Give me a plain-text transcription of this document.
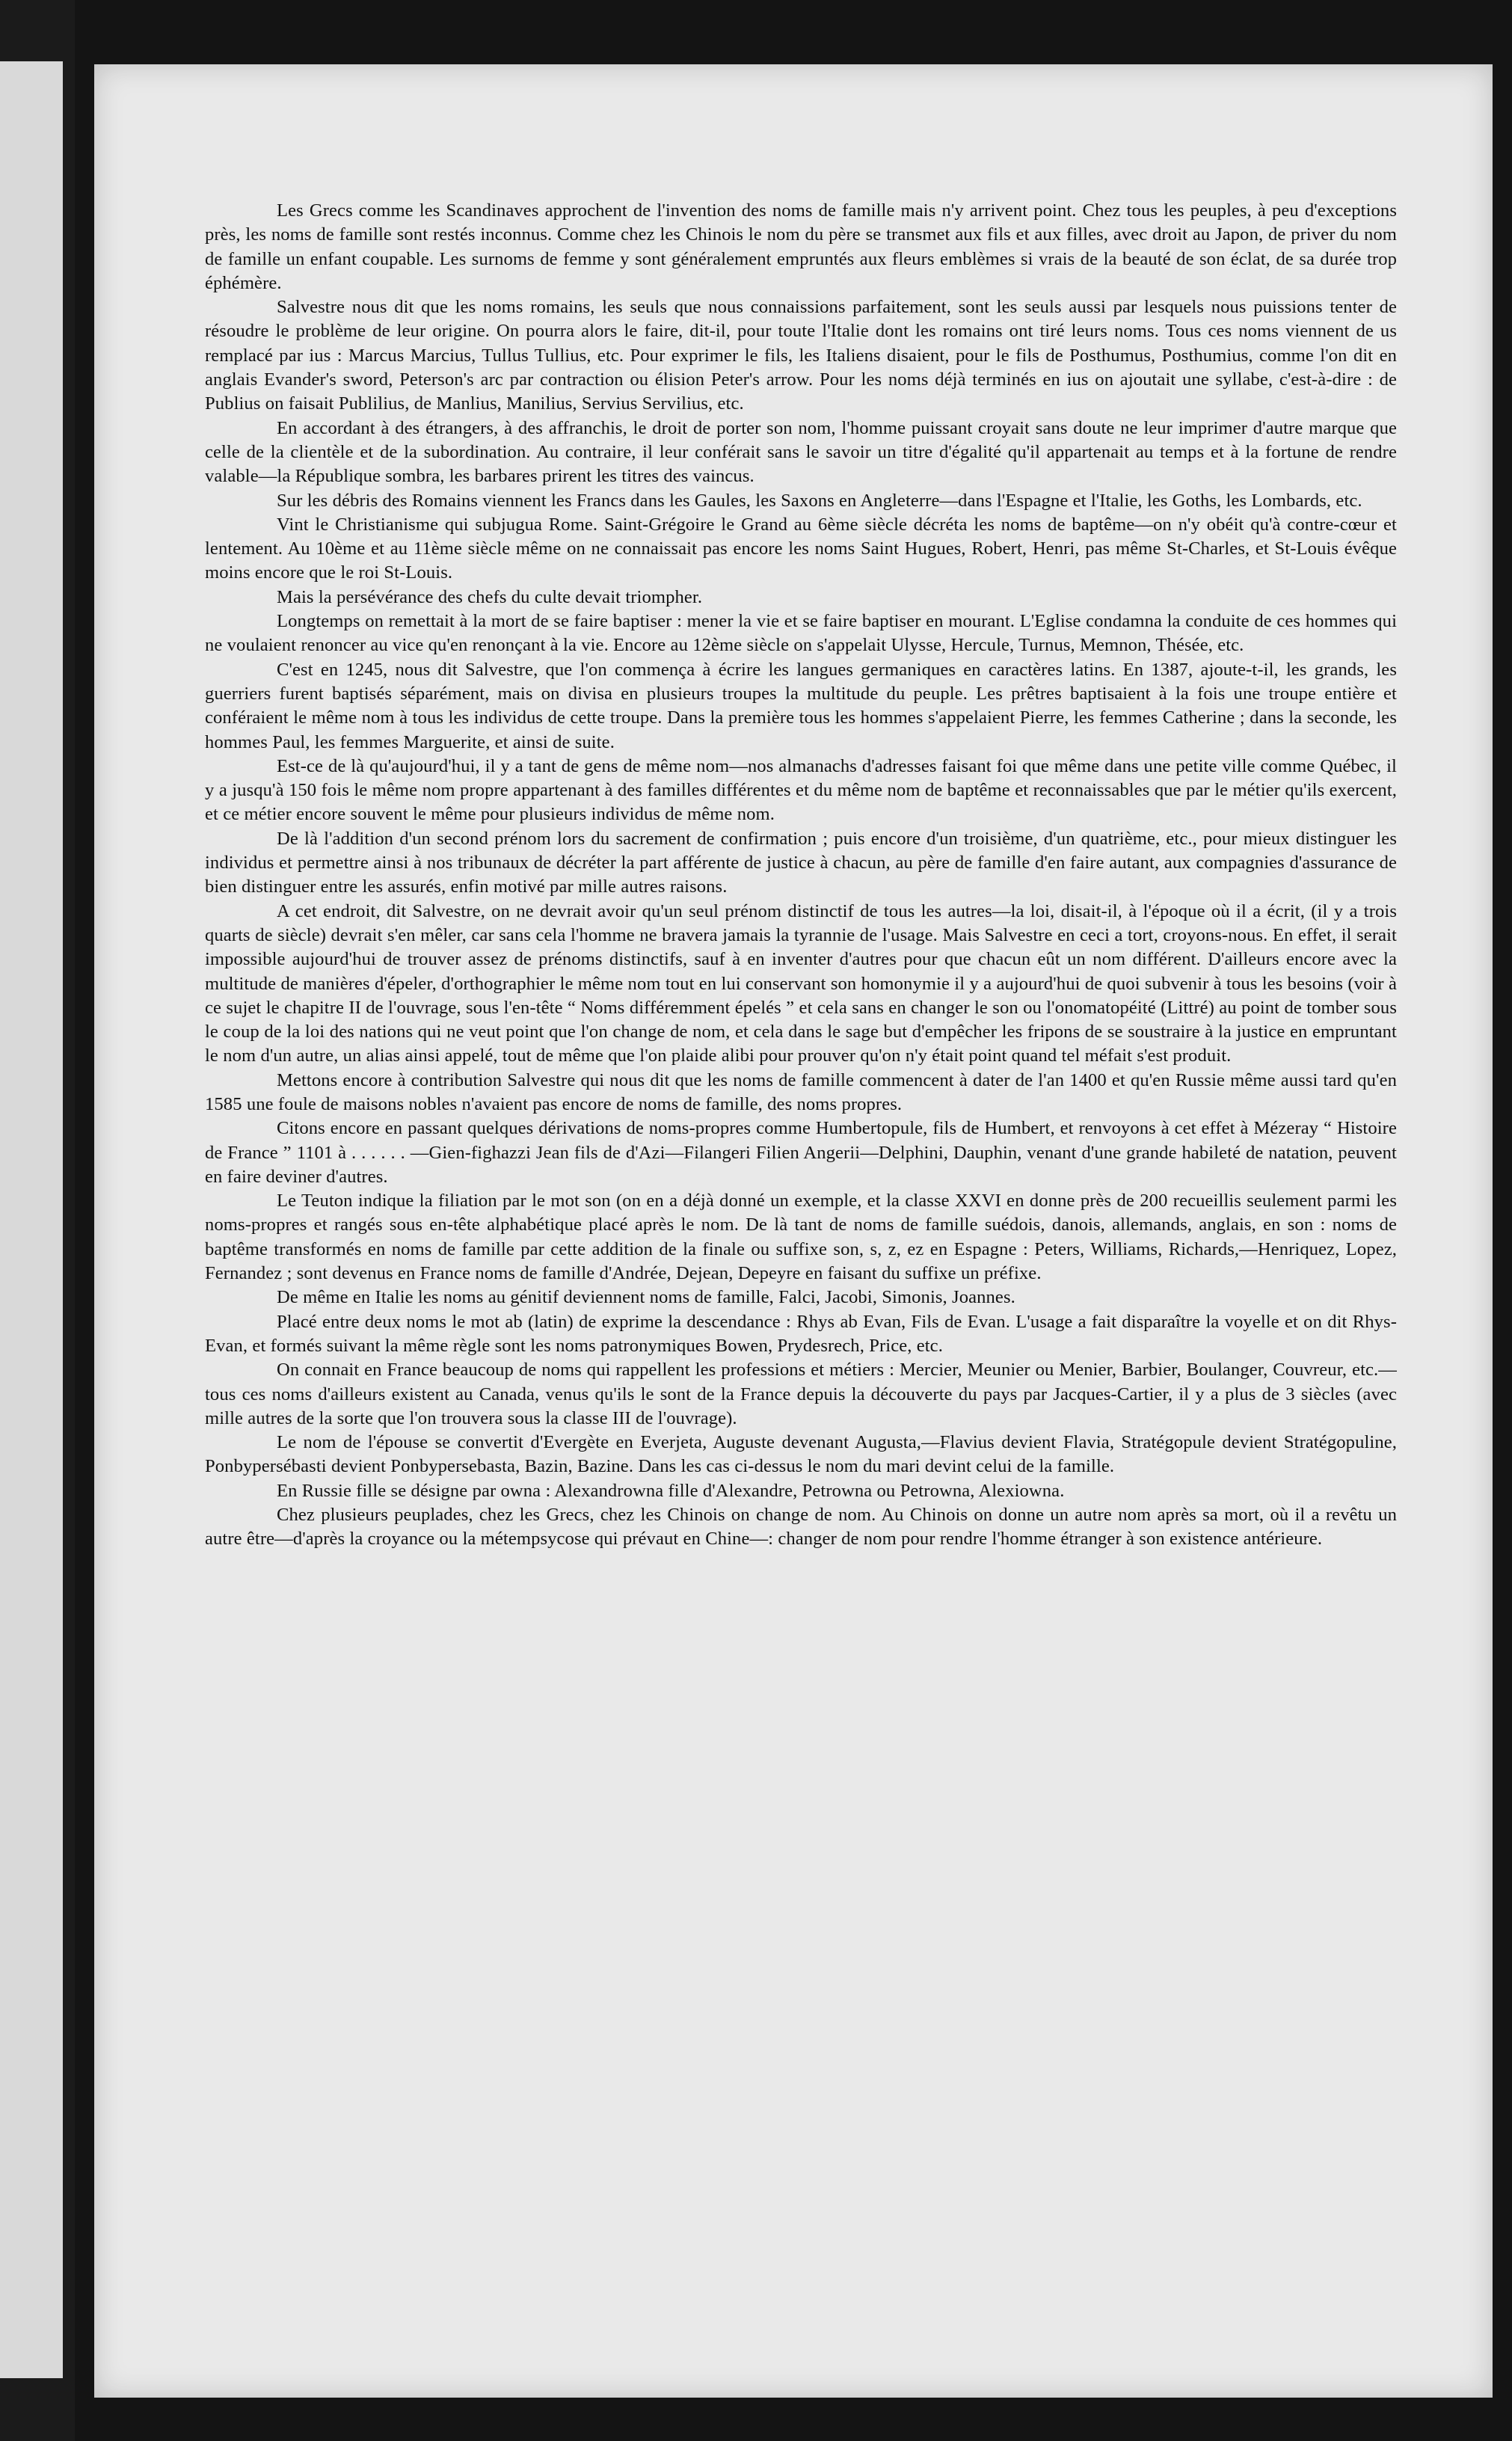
Les Grecs comme les Scandinaves approchent de l'invention des noms de famille mais n'y arrivent point. Chez tous les peuples, à peu d'exceptions près, les noms de famille sont restés inconnus. Comme chez les Chinois le nom du père se transmet aux fils et aux filles, avec droit au Japon, de priver du nom de famille un enfant coupable. Les surnoms de femme y sont généralement empruntés aux fleurs emblèmes si vrais de la beauté de son éclat, de sa durée trop éphémère.

Salvestre nous dit que les noms romains, les seuls que nous connaissions parfaitement, sont les seuls aussi par lesquels nous puissions tenter de résoudre le problème de leur origine. On pourra alors le faire, dit-il, pour toute l'Italie dont les romains ont tiré leurs noms. Tous ces noms viennent de us remplacé par ius : Marcus Marcius, Tullus Tullius, etc. Pour exprimer le fils, les Italiens disaient, pour le fils de Posthumus, Posthumius, comme l'on dit en anglais Evander's sword, Peterson's arc par contraction ou élision Peter's arrow. Pour les noms déjà terminés en ius on ajoutait une syllabe, c'est-à-dire : de Publius on faisait Publilius, de Manlius, Manilius, Servius Servilius, etc.

En accordant à des étrangers, à des affranchis, le droit de porter son nom, l'homme puissant croyait sans doute ne leur imprimer d'autre marque que celle de la clientèle et de la subordination. Au contraire, il leur conférait sans le savoir un titre d'égalité qu'il appartenait au temps et à la fortune de rendre valable—la République sombra, les barbares prirent les titres des vaincus.

Sur les débris des Romains viennent les Francs dans les Gaules, les Saxons en Angleterre—dans l'Espagne et l'Italie, les Goths, les Lombards, etc.

Vint le Christianisme qui subjugua Rome. Saint-Grégoire le Grand au 6ème siècle décréta les noms de baptême—on n'y obéit qu'à contre-cœur et lentement. Au 10ème et au 11ème siècle même on ne connaissait pas encore les noms Saint Hugues, Robert, Henri, pas même St-Charles, et St-Louis évêque moins encore que le roi St-Louis.

Mais la persévérance des chefs du culte devait triompher.

Longtemps on remettait à la mort de se faire baptiser : mener la vie et se faire baptiser en mourant. L'Eglise condamna la conduite de ces hommes qui ne voulaient renoncer au vice qu'en renonçant à la vie. Encore au 12ème siècle on s'appelait Ulysse, Hercule, Turnus, Memnon, Thésée, etc.

C'est en 1245, nous dit Salvestre, que l'on commença à écrire les langues germaniques en caractères latins. En 1387, ajoute-t-il, les grands, les guerriers furent baptisés séparément, mais on divisa en plusieurs troupes la multitude du peuple. Les prêtres baptisaient à la fois une troupe entière et conféraient le même nom à tous les individus de cette troupe. Dans la première tous les hommes s'appelaient Pierre, les femmes Catherine ; dans la seconde, les hommes Paul, les femmes Marguerite, et ainsi de suite.

Est-ce de là qu'aujourd'hui, il y a tant de gens de même nom—nos almanachs d'adresses faisant foi que même dans une petite ville comme Québec, il y a jusqu'à 150 fois le même nom propre appartenant à des familles différentes et du même nom de baptême et reconnaissables que par le métier qu'ils exercent, et ce métier encore souvent le même pour plusieurs individus de même nom.

De là l'addition d'un second prénom lors du sacrement de confirmation ; puis encore d'un troisième, d'un quatrième, etc., pour mieux distinguer les individus et permettre ainsi à nos tribunaux de décréter la part afférente de justice à chacun, au père de famille d'en faire autant, aux compagnies d'assurance de bien distinguer entre les assurés, enfin motivé par mille autres raisons.

A cet endroit, dit Salvestre, on ne devrait avoir qu'un seul prénom distinctif de tous les autres—la loi, disait-il, à l'époque où il a écrit, (il y a trois quarts de siècle) devrait s'en mêler, car sans cela l'homme ne bravera jamais la tyrannie de l'usage. Mais Salvestre en ceci a tort, croyons-nous. En effet, il serait impossible aujourd'hui de trouver assez de prénoms distinctifs, sauf à en inventer d'autres pour que chacun eût un nom différent. D'ailleurs encore avec la multitude de manières d'épeler, d'orthographier le même nom tout en lui conservant son homonymie il y a aujourd'hui de quoi subvenir à tous les besoins (voir à ce sujet le chapitre II de l'ouvrage, sous l'en-tête “ Noms différemment épelés ” et cela sans en changer le son ou l'onomatopéité (Littré) au point de tomber sous le coup de la loi des nations qui ne veut point que l'on change de nom, et cela dans le sage but d'empêcher les fripons de se soustraire à la justice en empruntant le nom d'un autre, un alias ainsi appelé, tout de même que l'on plaide alibi pour prouver qu'on n'y était point quand tel méfait s'est produit.

Mettons encore à contribution Salvestre qui nous dit que les noms de famille commencent à dater de l'an 1400 et qu'en Russie même aussi tard qu'en 1585 une foule de maisons nobles n'avaient pas encore de noms de famille, des noms propres.

Citons encore en passant quelques dérivations de noms-propres comme Humbertopule, fils de Humbert, et renvoyons à cet effet à Mézeray “ Histoire de France ” 1101 à . . . . . . —Gien-fighazzi Jean fils de d'Azi—Filangeri Filien Angerii—Delphini, Dauphin, venant d'une grande habileté de natation, peuvent en faire deviner d'autres.

Le Teuton indique la filiation par le mot son (on en a déjà donné un exemple, et la classe XXVI en donne près de 200 recueillis seulement parmi les noms-propres et rangés sous en-tête alphabétique placé après le nom. De là tant de noms de famille suédois, danois, allemands, anglais, en son : noms de baptême transformés en noms de famille par cette addition de la finale ou suffixe son, s, z, ez en Espagne : Peters, Williams, Richards,—Henriquez, Lopez, Fernandez ; sont devenus en France noms de famille d'Andrée, Dejean, Depeyre en faisant du suffixe un préfixe.

De même en Italie les noms au génitif deviennent noms de famille, Falci, Jacobi, Simonis, Joannes.

Placé entre deux noms le mot ab (latin) de exprime la descendance : Rhys ab Evan, Fils de Evan. L'usage a fait disparaître la voyelle et on dit Rhys-Evan, et formés suivant la même règle sont les noms patronymiques Bowen, Prydesrech, Price, etc.

On connait en France beaucoup de noms qui rappellent les professions et métiers : Mercier, Meunier ou Menier, Barbier, Boulanger, Couvreur, etc.—tous ces noms d'ailleurs existent au Canada, venus qu'ils le sont de la France depuis la découverte du pays par Jacques-Cartier, il y a plus de 3 siècles (avec mille autres de la sorte que l'on trouvera sous la classe III de l'ouvrage).

Le nom de l'épouse se convertit d'Evergète en Everjeta, Auguste devenant Augusta,—Flavius devient Flavia, Stratégopule devient Stratégopuline, Ponbypersébasti devient Ponbypersebasta, Bazin, Bazine. Dans les cas ci-dessus le nom du mari devint celui de la famille.

En Russie fille se désigne par owna : Alexandrowna fille d'Alexandre, Petrowna ou Petrowna, Alexiowna.

Chez plusieurs peuplades, chez les Grecs, chez les Chinois on change de nom. Au Chinois on donne un autre nom après sa mort, où il a revêtu un autre être—d'après la croyance ou la métempsycose qui prévaut en Chine—: changer de nom pour rendre l'homme étranger à son existence antérieure.
